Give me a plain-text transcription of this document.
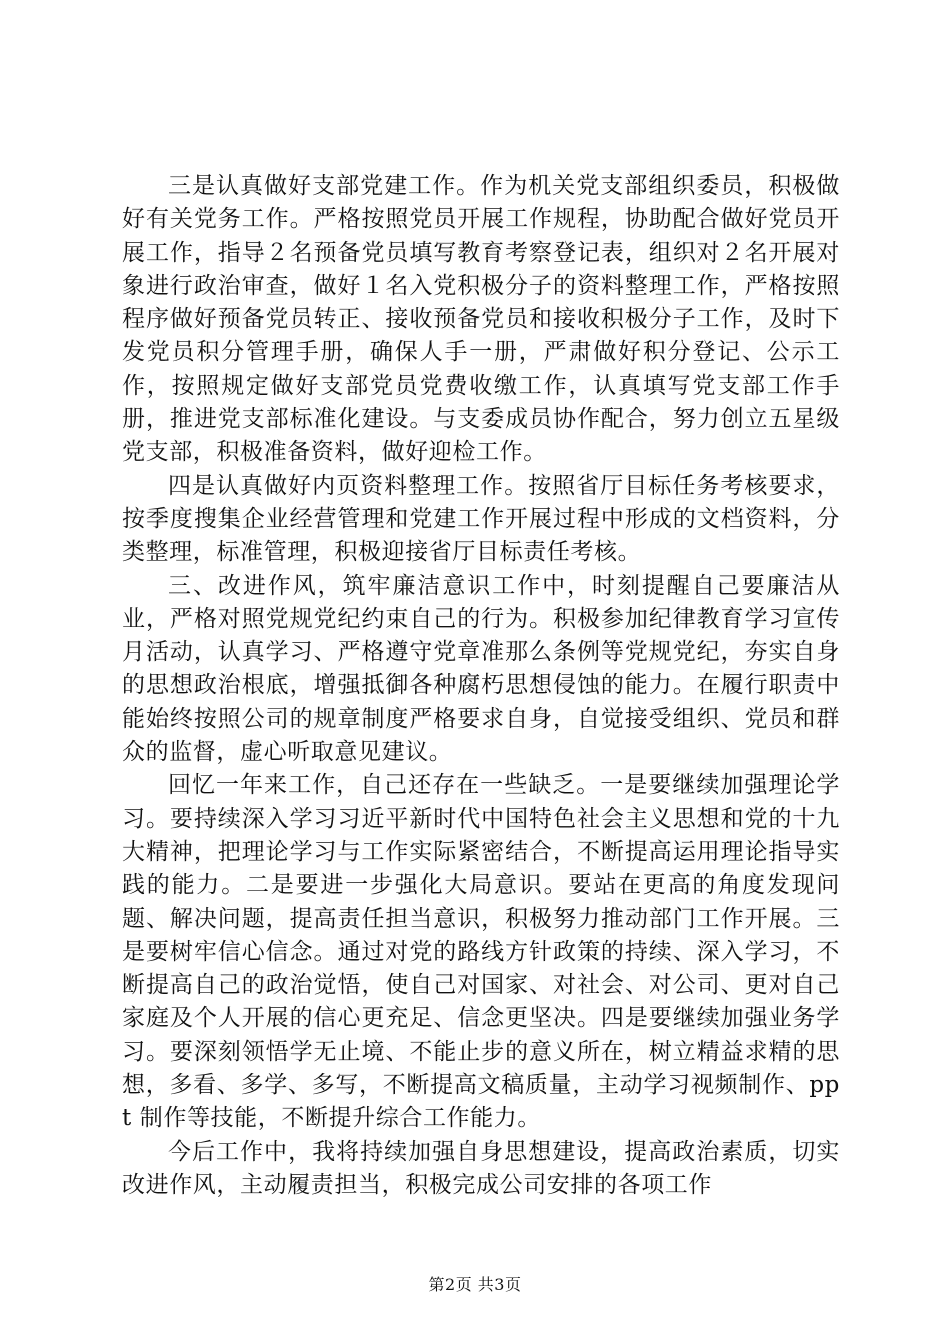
三是认真做好支部党建工作。作为机关党支部组织委员，积极做好有关党务工作。严格按照党员开展工作规程，协助配合做好党员开展工作，指导２名预备党员填写教育考察登记表，组织对２名开展对象进行政治审查，做好１名入党积极分子的资料整理工作，严格按照程序做好预备党员转正、接收预备党员和接收积极分子工作，及时下发党员积分管理手册，确保人手一册，严肃做好积分登记、公示工作，按照规定做好支部党员党费收缴工作，认真填写党支部工作手册，推进党支部标准化建设。与支委成员协作配合，努力创立五星级党支部，积极准备资料，做好迎检工作。

四是认真做好内页资料整理工作。按照省厅目标任务考核要求，按季度搜集企业经营管理和党建工作开展过程中形成的文档资料，分类整理，标准管理，积极迎接省厅目标责任考核。

三、改进作风，筑牢廉洁意识工作中，时刻提醒自己要廉洁从业，严格对照党规党纪约束自己的行为。积极参加纪律教育学习宣传月活动，认真学习、严格遵守党章准那么条例等党规党纪，夯实自身的思想政治根底，增强抵御各种腐朽思想侵蚀的能力。在履行职责中能始终按照公司的规章制度严格要求自身，自觉接受组织、党员和群众的监督，虚心听取意见建议。

回忆一年来工作，自己还存在一些缺乏。一是要继续加强理论学习。要持续深入学习习近平新时代中国特色社会主义思想和党的十九大精神，把理论学习与工作实际紧密结合，不断提高运用理论指导实践的能力。二是要进一步强化大局意识。要站在更高的角度发现问题、解决问题，提高责任担当意识，积极努力推动部门工作开展。三是要树牢信心信念。通过对党的路线方针政策的持续、深入学习，不断提高自己的政治觉悟，使自己对国家、对社会、对公司、更对自己家庭及个人开展的信心更充足、信念更坚决。四是要继续加强业务学习。要深刻领悟学无止境、不能止步的意义所在，树立精益求精的思想，多看、多学、多写，不断提高文稿质量，主动学习视频制作、ppt 制作等技能，不断提升综合工作能力。

今后工作中，我将持续加强自身思想建设，提高政治素质，切实改进作风，主动履责担当，积极完成公司安排的各项工作

第2页 共3页
